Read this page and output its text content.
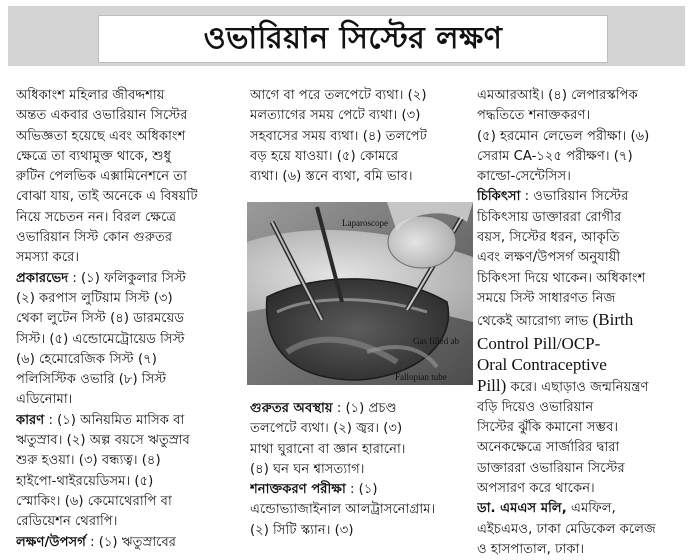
ওভারিয়ান সিস্টের লক্ষণ

অধিকাংশ মহিলার জীবদ্দশায়

অন্তত একবার ওভারিয়ান সিস্টের

অভিজ্ঞতা হয়েছে এবং অধিকাংশ

ক্ষেত্রে তা ব্যথামুক্ত থাকে, শুধু

রুটিন পেলভিক এক্সামিনেশনে তা

বোঝা যায়, তাই অনেকে এ বিষয়টি

নিয়ে সচেতন নন। বিরল ক্ষেত্রে

ওভারিয়ান সিস্ট কোন গুরুতর

সমস্যা করে।

প্রকারভেদ : (১) ফলিকুলার সিস্ট

(২) করপাস লুটিয়াম সিস্ট (৩)

থেকা লুটেন সিস্ট (৪) ডারময়েড

সিস্ট। (৫) এন্ডোমেট্রোয়েড সিস্ট

(৬) হেমোরেজিক সিস্ট (৭)

পলিসিস্টিক ওভারি (৮) সিস্ট

এডিনোমা।

কারণ : (১) অনিয়মিত মাসিক বা

ঋতুস্রাব। (২) অল্প বয়সে ঋতুস্রাব

শুরু হওয়া। (৩) বন্ধ্যত্ব। (৪)

হাইপো-থাইরয়েডিসম। (৫)

স্মোকিং। (৬) কেমোথেরাপি বা

রেডিয়েশন থেরাপি।

লক্ষণ/উপসর্গ : (১) ঋতুস্রাবের

আগে বা পরে তলপেটে ব্যথা। (২)

মলত্যাগের সময় পেটে ব্যথা। (৩)

সহবাসের সময় ব্যথা। (৪) তলপেট

বড় হয়ে যাওয়া। (৫) কোমরে

ব্যথা। (৬) স্তনে ব্যথা, বমি ভাব।

Laparoscope
Gas filled ab
Fallopian tube

গুরুতর অবস্থায় : (১) প্রচণ্ড

তলপেটে ব্যথা। (২) জ্বর। (৩)

মাথা ঘুরানো বা জ্ঞান হারানো।

(৪) ঘন ঘন শ্বাসত্যাগ।

শনাক্তকরণ পরীক্ষা : (১)

এন্ডোভ্যাজাইনাল আলট্রাসনোগ্রাম।

(২) সিটি স্ক্যান। (৩)

এমআরআই। (৪) লেপারস্কপিক

পদ্ধতিতে শনাক্তকরণ।

(৫) হরমোন লেভেল পরীক্ষা। (৬)

সেরাম CA-১২৫ পরীক্ষণ। (৭)

কাল্ডো-সেন্টেসিস।

চিকিৎসা : ওভারিয়ান সিস্টের

চিকিৎসায় ডাক্তাররা রোগীর

বয়স, সিস্টের ধরন, আকৃতি

এবং লক্ষণ/উপসর্গ অনুযায়ী

চিকিৎসা দিয়ে থাকেন। অধিকাংশ

সময়ে সিস্ট সাধারণত নিজ

থেকেই আরোগ্য লাভ (Birth

Control Pill/OCP-

Oral Contraceptive

Pill) করে। এছাড়াও জন্মনিয়ন্ত্রণ

বড়ি দিয়েও ওভারিয়ান

সিস্টের ঝুঁকি কমানো সম্ভব।

অনেকক্ষেত্রে সার্জারির দ্বারা

ডাক্তাররা ওভারিয়ান সিস্টের

অপসারণ করে থাকেন।

ডা. এমএস মলি, এমফিল,

এইচএমও, ঢাকা মেডিকেল কলেজ

ও হাসপাতাল, ঢাকা।
